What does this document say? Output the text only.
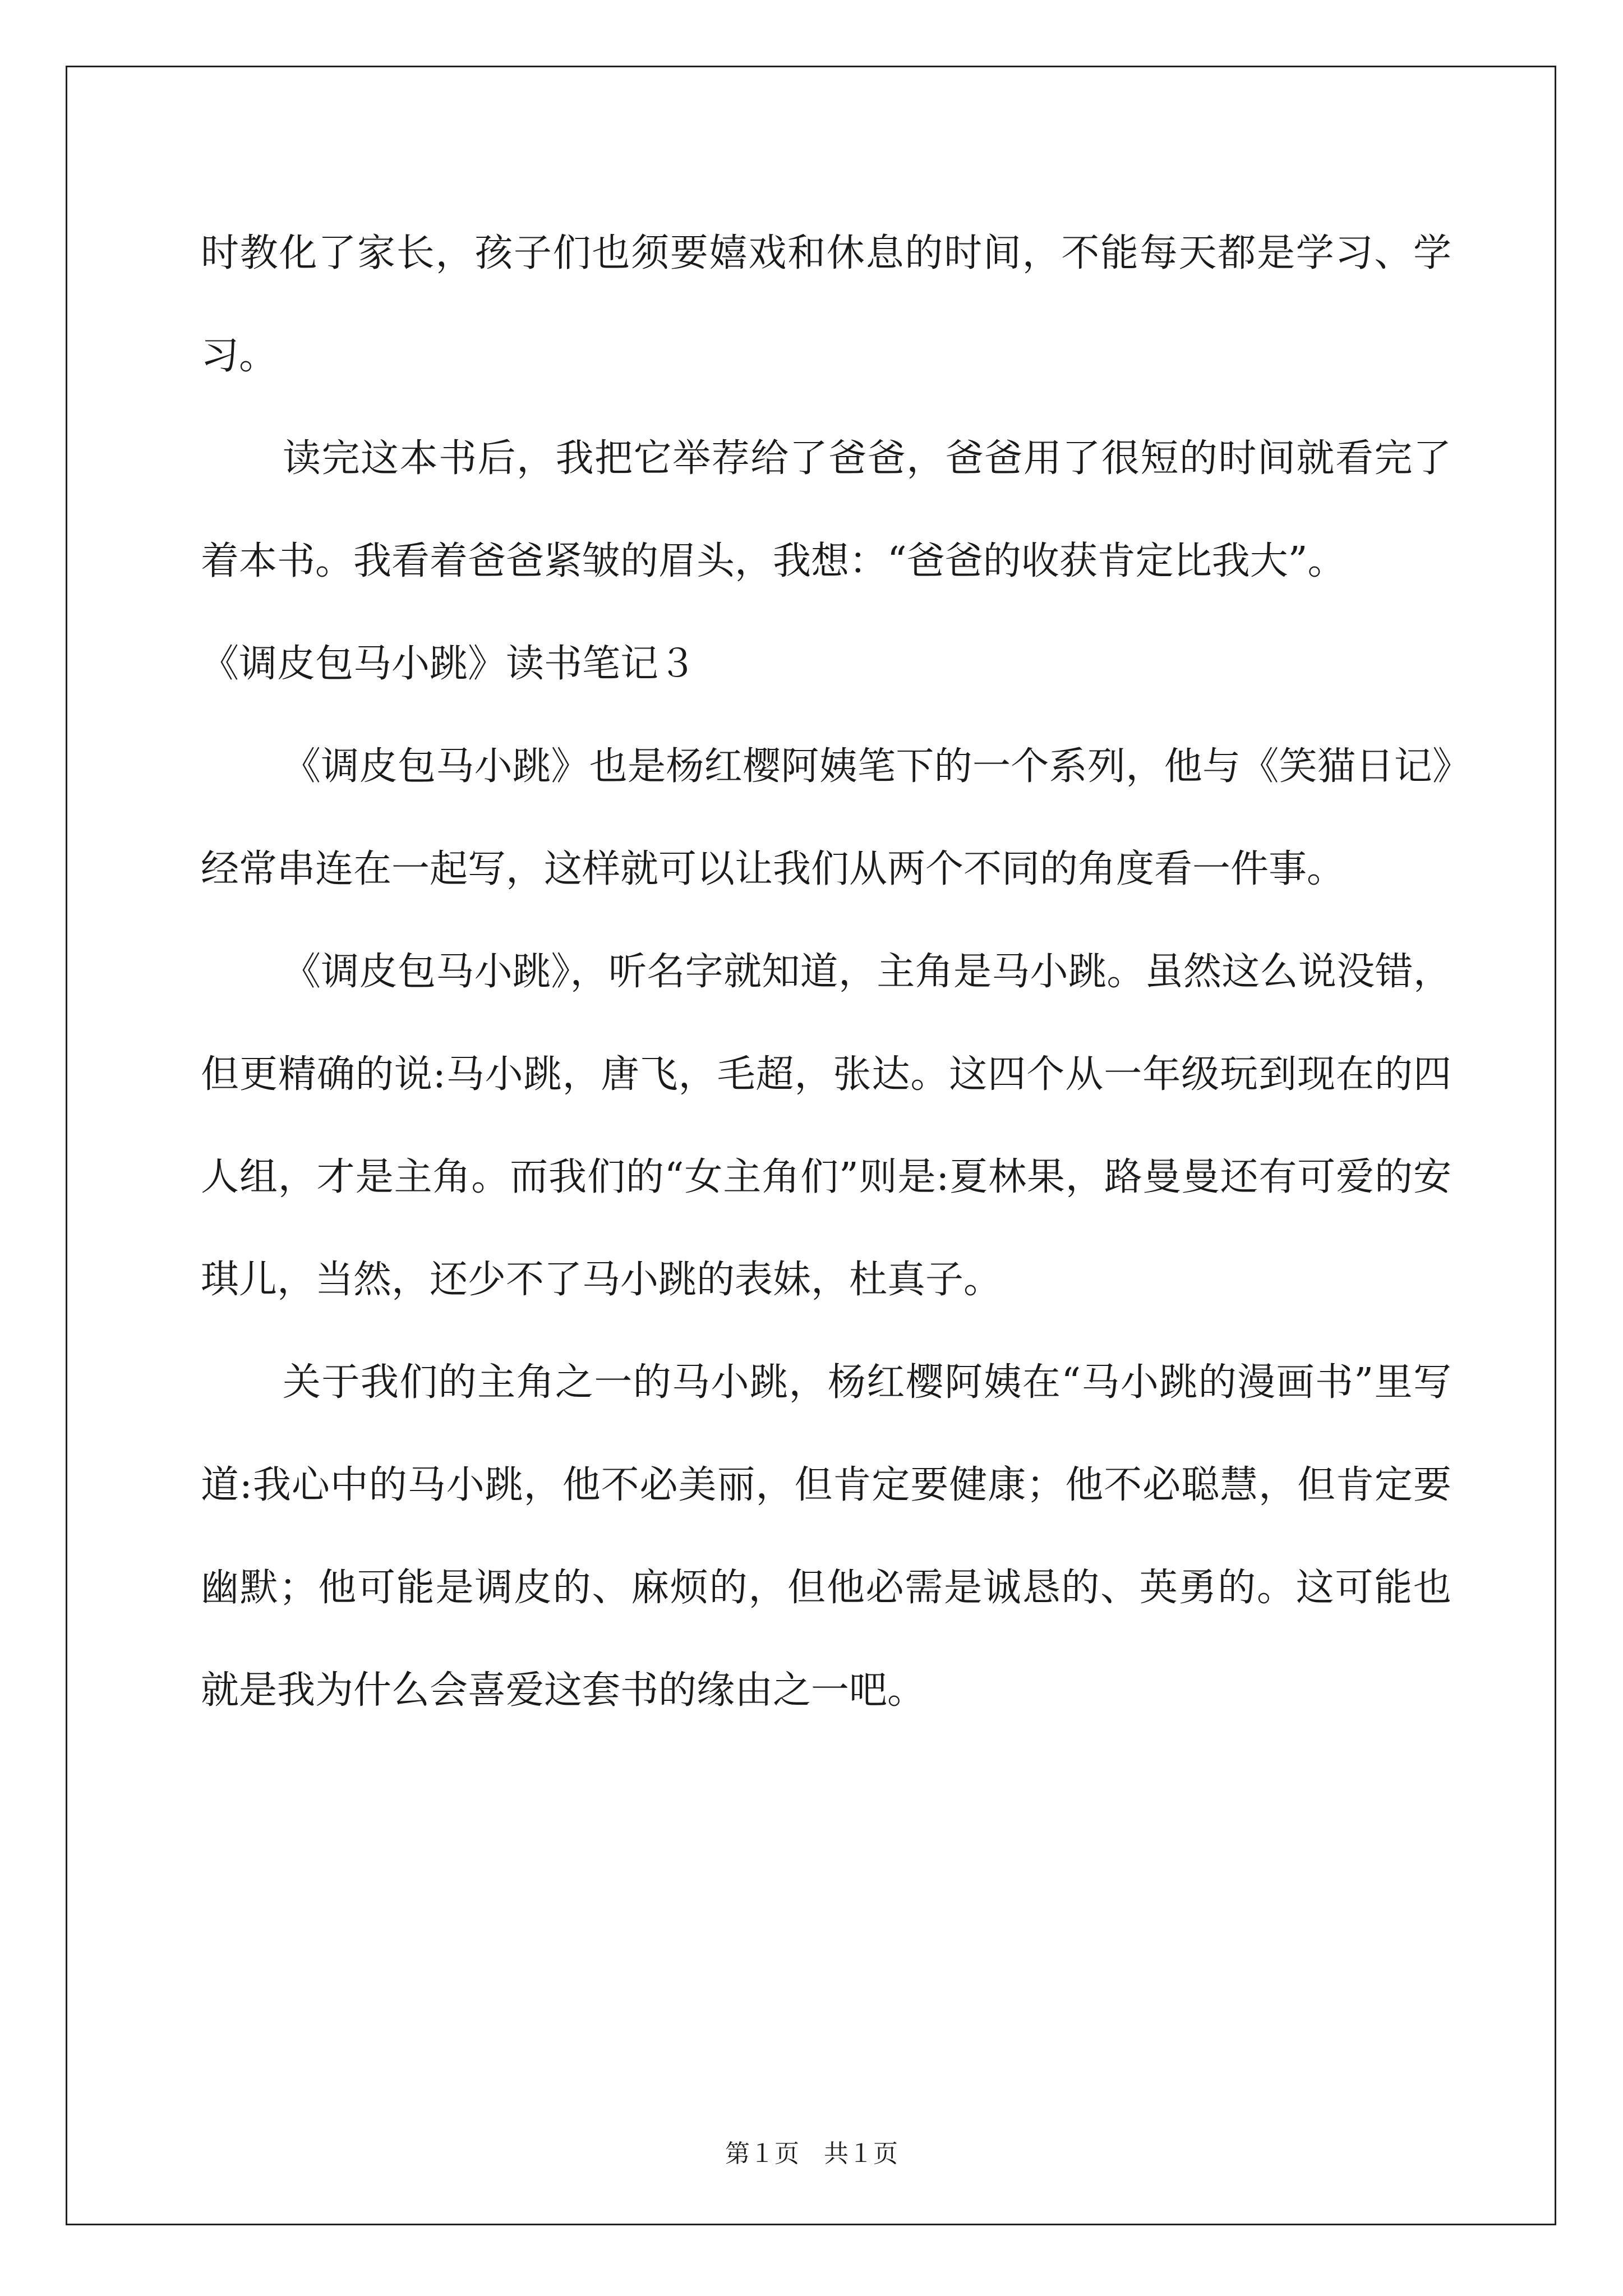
时教化了家长，孩子们也须要嬉戏和休息的时间，不能每天都是学习、学习。

读完这本书后，我把它举荐给了爸爸，爸爸用了很短的时间就看完了着本书。我看着爸爸紧皱的眉头，我想：“爸爸的收获肯定比我大”。

《调皮包马小跳》读书笔记３

《调皮包马小跳》也是杨红樱阿姨笔下的一个系列，他与《笑猫日记》经常串连在一起写，这样就可以让我们从两个不同的角度看一件事。

《调皮包马小跳》，听名字就知道，主角是马小跳。虽然这么说没错，但更精确的说:马小跳，唐飞，毛超，张达。这四个从一年级玩到现在的四人组，才是主角。而我们的“女主角们”则是:夏林果，路曼曼还有可爱的安琪儿，当然，还少不了马小跳的表妹，杜真子。

关于我们的主角之一的马小跳，杨红樱阿姨在“马小跳的漫画书”里写道:我心中的马小跳，他不必美丽，但肯定要健康；他不必聪慧，但肯定要幽默；他可能是调皮的、麻烦的，但他必需是诚恳的、英勇的。这可能也就是我为什么会喜爱这套书的缘由之一吧。

第１页 共１页
